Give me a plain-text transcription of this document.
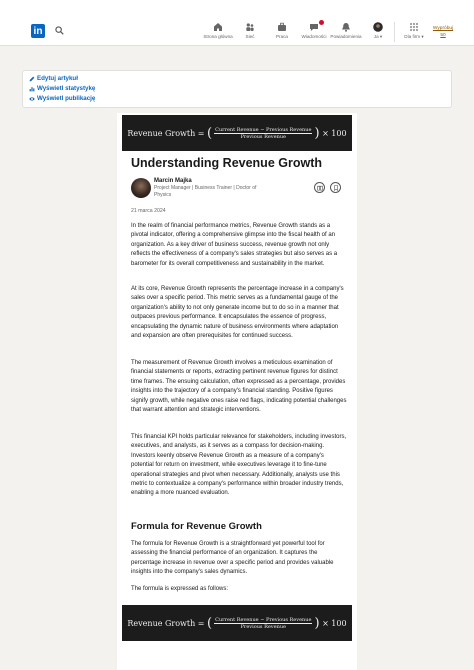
in	Strona główna	Sieć	Praca	Wiadomości Powiadomienia	Ja ▾	Dla firm ▾
Wypróbuj
50
Edytuj artykuł
Wyświetl statystykę
Wyświetl publikację
Revenue Growth
=
( $\frac{\text{Current Revenue − Previous Revenue}}{\text{Previous Revenue}}$ )
× 100
Revenue Growth
=
( $\frac{\text{Current Revenue − Previous Revenue}}{\text{Previous Revenue}}$ )
× 100
Understanding Revenue Growth
Marcin Majka
Project Manager | Business Trainer | Doctor of Physics
21 marca 2024

In the realm of financial performance metrics, Revenue Growth stands as a pivotal indicator, offering a comprehensive glimpse into the fiscal health of an organization. As a key driver of business success, revenue growth not only reflects the effectiveness of a company's sales strategies but also serves as a barometer for its overall competitiveness and sustainability in the market.

At its core, Revenue Growth represents the percentage increase in a company's sales over a specific period. This metric serves as a fundamental gauge of the organization's ability to not only generate income but to do so in a manner that outpaces previous performance. It encapsulates the essence of progress, encapsulating the dynamic nature of business environments where adaptation and expansion are often prerequisites for continued success.

The measurement of Revenue Growth involves a meticulous examination of financial statements or reports, extracting pertinent revenue figures for distinct time frames. The ensuing calculation, often expressed as a percentage, provides insights into the trajectory of a company's financial standing. Positive figures signify growth, while negative ones raise red flags, indicating potential challenges that warrant attention and strategic interventions.

This financial KPI holds particular relevance for stakeholders, including investors, executives, and analysts, as it serves as a compass for decision-making. Investors keenly observe Revenue Growth as a measure of a company's potential for return on investment, while executives leverage it to fine-tune operational strategies and pivot when necessary. Additionally, analysts use this metric to contextualize a company's performance within broader industry trends, enabling a more nuanced evaluation.

Formula for Revenue Growth

The formula for Revenue Growth is a straightforward yet powerful tool for assessing the financial performance of an organization. It captures the percentage increase in revenue over a specific period and provides valuable insights into the company's sales dynamics.

The formula is expressed as follows:
